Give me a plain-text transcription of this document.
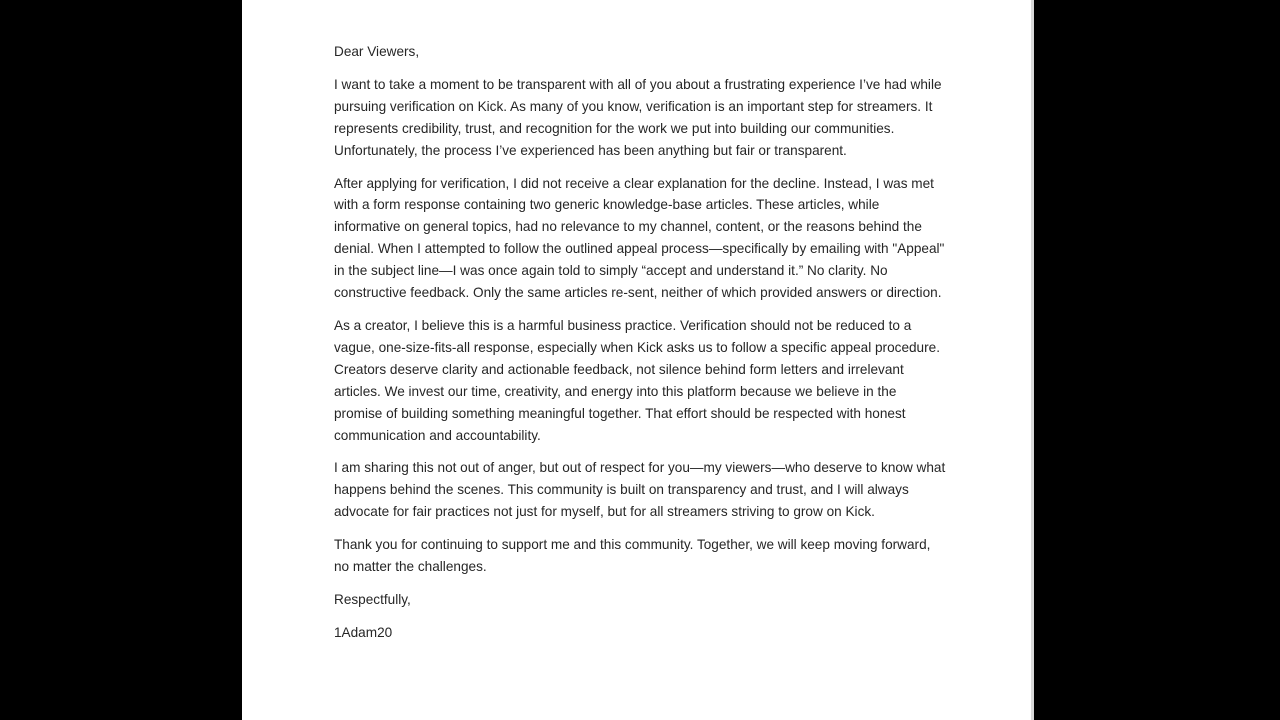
Dear Viewers,

I want to take a moment to be transparent with all of you about a frustrating experience I’ve had while pursuing verification on Kick. As many of you know, verification is an important step for streamers. It represents credibility, trust, and recognition for the work we put into building our communities. Unfortunately, the process I’ve experienced has been anything but fair or transparent.

After applying for verification, I did not receive a clear explanation for the decline. Instead, I was met with a form response containing two generic knowledge-base articles. These articles, while informative on general topics, had no relevance to my channel, content, or the reasons behind the denial. When I attempted to follow the outlined appeal process—specifically by emailing with "Appeal" in the subject line—I was once again told to simply “accept and understand it.” No clarity. No constructive feedback. Only the same articles re-sent, neither of which provided answers or direction.

As a creator, I believe this is a harmful business practice. Verification should not be reduced to a vague, one-size-fits-all response, especially when Kick asks us to follow a specific appeal procedure. Creators deserve clarity and actionable feedback, not silence behind form letters and irrelevant articles. We invest our time, creativity, and energy into this platform because we believe in the promise of building something meaningful together. That effort should be respected with honest communication and accountability.

I am sharing this not out of anger, but out of respect for you—my viewers—who deserve to know what happens behind the scenes. This community is built on transparency and trust, and I will always advocate for fair practices not just for myself, but for all streamers striving to grow on Kick.

Thank you for continuing to support me and this community. Together, we will keep moving forward, no matter the challenges.

Respectfully,

1Adam20
